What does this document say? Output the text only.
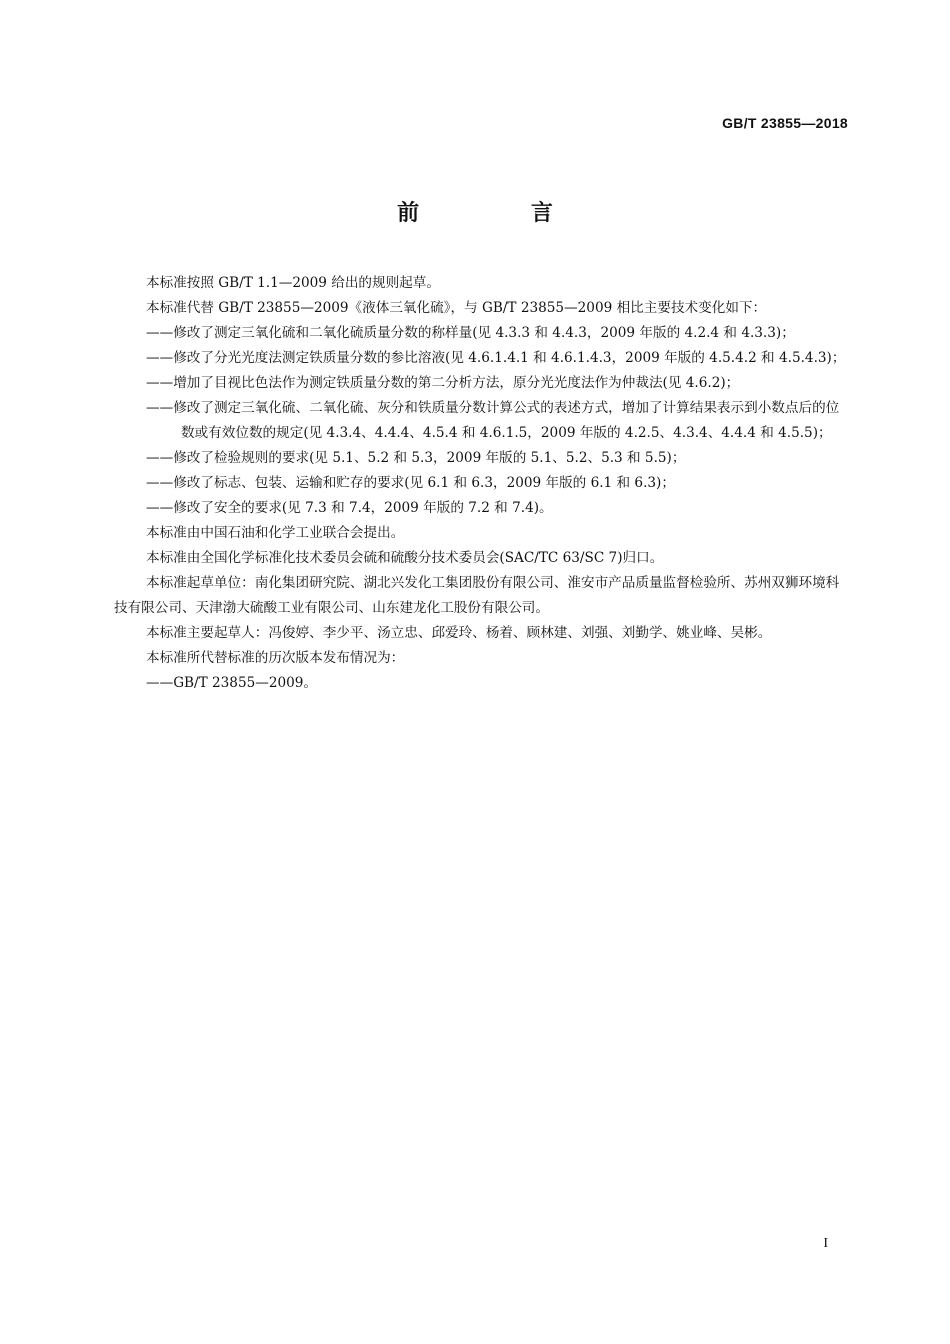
GB/T 23855—2018
前 言

本标准按照 GB/T 1.1—2009 给出的规则起草。

本标准代替 GB/T 23855—2009《液体三氧化硫》，与 GB/T 23855—2009 相比主要技术变化如下：

——修改了测定三氧化硫和二氧化硫质量分数的称样量(见 4.3.3 和 4.4.3，2009 年版的 4.2.4 和 4.3.3)；

——修改了分光光度法测定铁质量分数的参比溶液(见 4.6.1.4.1 和 4.6.1.4.3，2009 年版的 4.5.4.2 和 4.5.4.3)；

——增加了目视比色法作为测定铁质量分数的第二分析方法，原分光光度法作为仲裁法(见 4.6.2)；

——修改了测定三氧化硫、二氧化硫、灰分和铁质量分数计算公式的表述方式，增加了计算结果表示到小数点后的位数或有效位数的规定(见 4.3.4、4.4.4、4.5.4 和 4.6.1.5，2009 年版的 4.2.5、4.3.4、4.4.4 和 4.5.5)；

——修改了检验规则的要求(见 5.1、5.2 和 5.3，2009 年版的 5.1、5.2、5.3 和 5.5)；

——修改了标志、包装、运输和贮存的要求(见 6.1 和 6.3，2009 年版的 6.1 和 6.3)；

——修改了安全的要求(见 7.3 和 7.4，2009 年版的 7.2 和 7.4)。

本标准由中国石油和化学工业联合会提出。

本标准由全国化学标准化技术委员会硫和硫酸分技术委员会(SAC/TC 63/SC 7)归口。

本标准起草单位：南化集团研究院、湖北兴发化工集团股份有限公司、淮安市产品质量监督检验所、苏州双狮环境科技有限公司、天津渤大硫酸工业有限公司、山东建龙化工股份有限公司。

本标准主要起草人：冯俊婷、李少平、汤立忠、邱爱玲、杨着、顾林建、刘强、刘勤学、姚业峰、吴彬。

本标准所代替标准的历次版本发布情况为：

——GB/T 23855—2009。

I
